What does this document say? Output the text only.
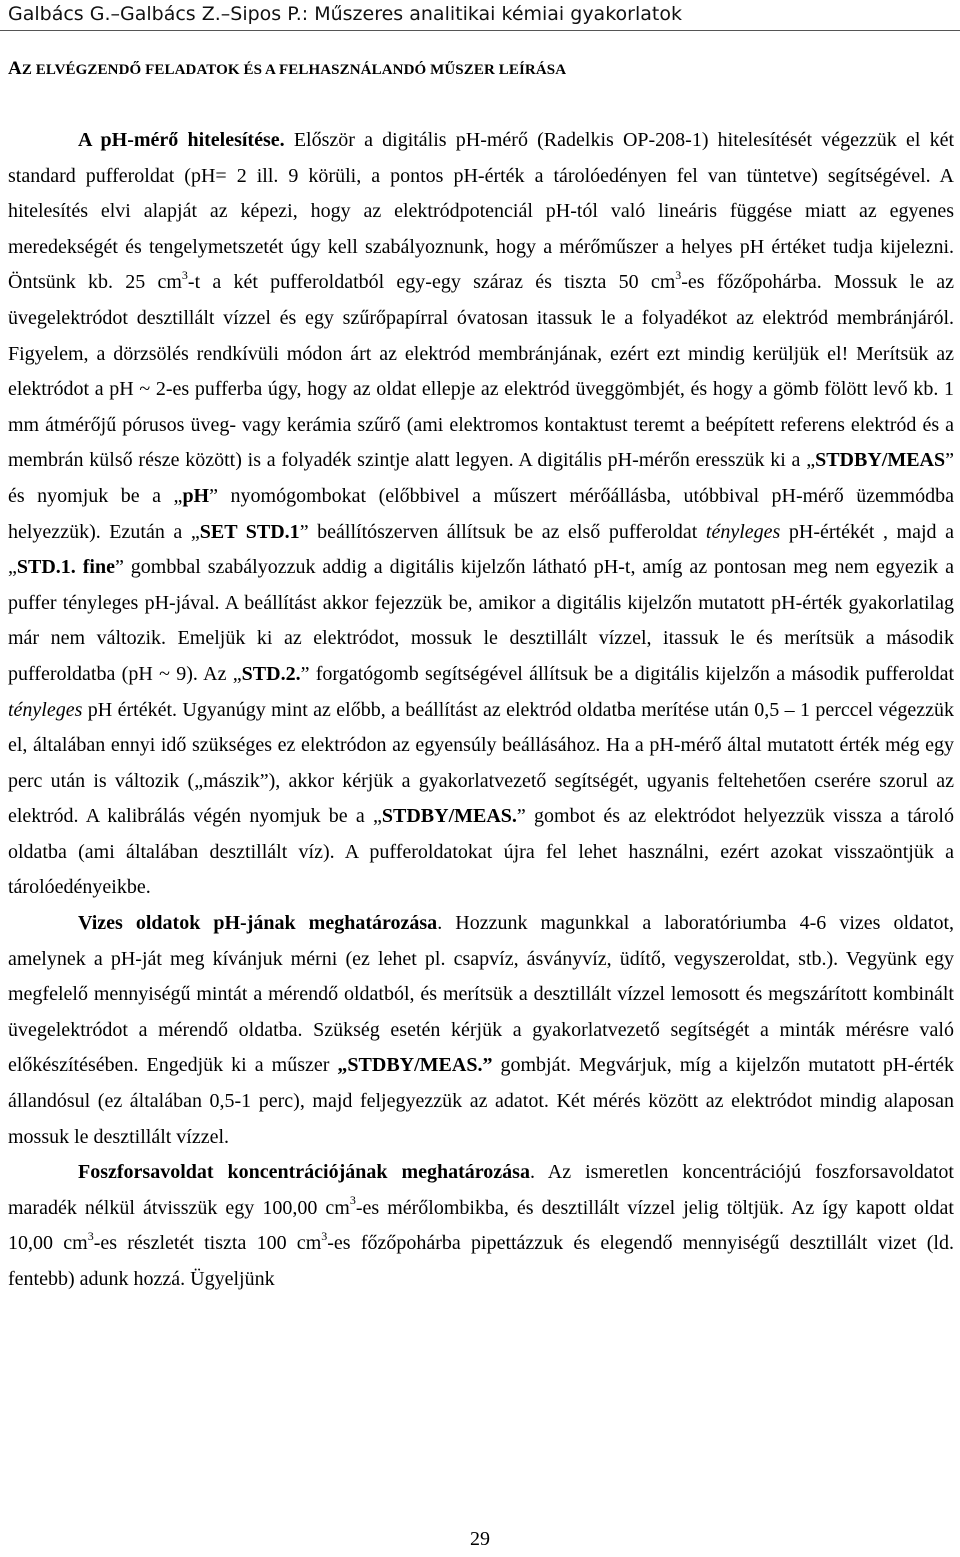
Galbács G.–Galbács Z.–Sipos P.: Műszeres analitikai kémiai gyakorlatok
AZ ELVÉGZENDŐ FELADATOK ÉS A FELHASZNÁLANDÓ MŰSZER LEÍRÁSA

A pH-mérő hitelesítése. Először a digitális pH-mérő (Radelkis OP-208-1) hitelesítését végezzük el két standard pufferoldat (pH= 2 ill. 9 körüli, a pontos pH-érték a tárolóedényen fel van tüntetve) segítségével. A hitelesítés elvi alapját az képezi, hogy az elektródpotenciál pH-tól való lineáris függése miatt az egyenes meredekségét és tengelymetszetét úgy kell szabályoznunk, hogy a mérőműszer a helyes pH értéket tudja kijelezni. Öntsünk kb. 25 $cm^3-t$ a két pufferoldatból egy-egy száraz és tiszta 50 $cm^3-es$ főzőpohárba. Mossuk le az üvegelektródot desztillált vízzel és egy szűrőpapírral óvatosan itassuk le a folyadékot az elektród membránjáról. Figyelem, a dörzsölés rendkívüli módon árt az elektród membránjának, ezért ezt mindig kerüljük el! Merítsük az elektródot a pH ~ 2-es pufferba úgy, hogy az oldat ellepje az elektród üveggömbjét, és hogy a gömb fölött levő kb. 1 mm átmérőjű pórusos üveg- vagy kerámia szűrő (ami elektromos kontaktust teremt a beépített referens elektród és a membrán külső része között) is a folyadék szintje alatt legyen. A digitális pH-mérőn eresszük ki a „STDBY/MEAS” és nyomjuk be a „pH” nyomógombokat (előbbivel a műszert mérőállásba, utóbbival pH-mérő üzemmódba helyezzük). Ezután a „SET STD.1” beállítószerven állítsuk be az első pufferoldat tényleges pH-értékét , majd a „STD.1. fine” gombbal szabályozzuk addig a digitális kijelzőn látható pH-t, amíg az pontosan meg nem egyezik a puffer tényleges pH-jával. A beállítást akkor fejezzük be, amikor a digitális kijelzőn mutatott pH-érték gyakorlatilag már nem változik. Emeljük ki az elektródot, mossuk le desztillált vízzel, itassuk le és merítsük a második pufferoldatba (pH ~ 9). Az „STD.2.” forgatógomb segítségével állítsuk be a digitális kijelzőn a második pufferoldat tényleges pH értékét. Ugyanúgy mint az előbb, a beállítást az elektród oldatba merítése után 0,5 – 1 perccel végezzük el, általában ennyi idő szükséges ez elektródon az egyensúly beállásához. Ha a pH-mérő által mutatott érték még egy perc után is változik („mászik”), akkor kérjük a gyakorlatvezető segítségét, ugyanis feltehetően cserére szorul az elektród. A kalibrálás végén nyomjuk be a „STDBY/MEAS.” gombot és az elektródot helyezzük vissza a tároló oldatba (ami általában desztillált víz). A pufferoldatokat újra fel lehet használni, ezért azokat visszaöntjük a tárolóedényeikbe.

Vizes oldatok pH-jának meghatározása. Hozzunk magunkkal a laboratóriumba 4-6 vizes oldatot, amelynek a pH-ját meg kívánjuk mérni (ez lehet pl. csapvíz, ásványvíz, üdítő, vegyszeroldat, stb.). Vegyünk egy megfelelő mennyiségű mintát a mérendő oldatból, és merítsük a desztillált vízzel lemosott és megszárított kombinált üvegelektródot a mérendő oldatba. Szükség esetén kérjük a gyakorlatvezető segítségét a minták mérésre való előkészítésében. Engedjük ki a műszer „STDBY/MEAS.” gombját. Megvárjuk, míg a kijelzőn mutatott pH-érték állandósul (ez általában 0,5-1 perc), majd feljegyezzük az adatot. Két mérés között az elektródot mindig alaposan mossuk le desztillált vízzel.

Foszforsavoldat koncentrációjának meghatározása. Az ismeretlen koncentrációjú foszforsavoldatot maradék nélkül átvisszük egy 100,00 $cm^3-es$ mérőlombikba, és desztillált vízzel jelig töltjük. Az így kapott oldat 10,00 $cm^3-es$ részletét tiszta 100 $cm^3-es$ főzőpohárba pipettázzuk és elegendő mennyiségű desztillált vizet (ld. fentebb) adunk hozzá. Ügyeljünk

29
